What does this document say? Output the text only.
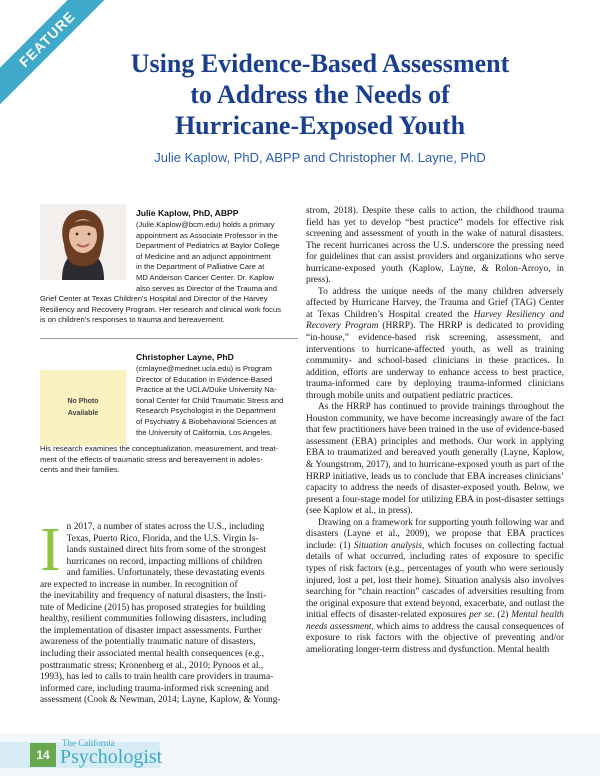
FEATURE	Using Evidence-Based Assessment
to Address the Needs of
Hurricane-Exposed Youth
Julie Kaplow, PhD, ABPP and Christopher M. Layne, PhD
Julie Kaplow, PhD, ABPP
(Julie.Kaplow@bcm.edu) holds a primary
appointment as Associate Professor in the
Department of Pediatrics at Baylor College
of Medicine and an adjunct appointment
in the Department of Palliative Care at
MD Anderson Cancer Center. Dr. Kaplow
also serves as Director of the Trauma and
Grief Center at Texas Children's Hospital and Director of the Harvey
Resiliency and Recovery Program. Her research and clinical work focus
is on children's responses to trauma and bereavement.
No Photo
Available
Christopher Layne, PhD
(cmlayne@mednet.ucla.edu) is Program
Director of Education in Evidence-Based
Practice at the UCLA/Duke University Na-
tional Center for Child Traumatic Stress and
Research Psychologist in the Department
of Psychiatry & Biobehavioral Sciences at
the University of California, Los Angeles.
His research examines the conceptualization, measurement, and treat-
ment of the effects of traumatic stress and bereavement in adoles-
cents and their families.
I n 2017, a number of states across the U.S., including
Texas, Puerto Rico, Florida, and the U.S. Virgin Is-
lands sustained direct hits from some of the strongest
hurricanes on record, impacting millions of children
and families. Unfortunately, these devastating events
are expected to increase in number. In recognition of
the inevitability and frequency of natural disasters, the Insti-
tute of Medicine (2015) has proposed strategies for building
healthy, resilient communities following disasters, including
the implementation of disaster impact assessments. Further
awareness of the potentially traumatic nature of disasters,
including their associated mental health consequences (e.g.,
posttraumatic stress; Kronenberg et al., 2010; Pynoos et al.,
1993), has led to calls to train health care providers in trauma-
informed care, including trauma-informed risk screening and
assessment (Cook & Newman, 2014; Layne, Kaplow, & Young-

strom, 2018). Despite these calls to action, the childhood trauma field has yet to develop “best practice” models for effective risk screening and assessment of youth in the wake of natural disasters. The recent hurricanes across the U.S. underscore the pressing need for guidelines that can assist providers and organizations who serve hurricane-exposed youth (Kaplow, Layne, & Rolon-Arroyo, in press).

To address the unique needs of the many children adversely affected by Hurricane Harvey, the Trauma and Grief (TAG) Center at Texas Children’s Hospital created the Harvey Resiliency and Recovery Program (HRRP). The HRRP is dedicated to providing “in-house,” evidence-based risk screening, assessment, and interventions to hurricane-affected youth, as well as training community- and school-based clinicians in these practices. In addition, efforts are underway to enhance access to best practice, trauma-informed care by deploying trauma-informed clinicians through mobile units and outpatient pediatric practices.

As the HRRP has continued to provide trainings throughout the Houston community, we have become increasingly aware of the fact that few practitioners have been trained in the use of evidence-based assessment (EBA) principles and methods. Our work in applying EBA to traumatized and bereaved youth generally (Layne, Kaplow, & Youngstrom, 2017), and to hurricane-exposed youth as part of the HRRP initiative, leads us to conclude that EBA increases clinicians’ capacity to address the needs of disaster-exposed youth. Below, we present a four-stage model for utilizing EBA in post-disaster settings (see Kaplow et al., in press).

Drawing on a framework for supporting youth following war and disasters (Layne et al., 2009), we propose that EBA practices include: (1) Situation analysis, which focuses on collecting factual details of what occurred, including rates of exposure to specific types of risk factors (e.g., percentages of youth who were seriously injured, lost a pet, lost their home). Situation analysis also involves searching for “chain reaction” cascades of adversities resulting from the original exposure that extend beyond, exacerbate, and outlast the initial effects of disaster-related exposures per se. (2) Mental health needs assessment, which aims to address the causal consequences of exposure to risk factors with the objective of preventing and/or ameliorating longer-term distress and dysfunction. Mental health

14
The California
Psychologist
